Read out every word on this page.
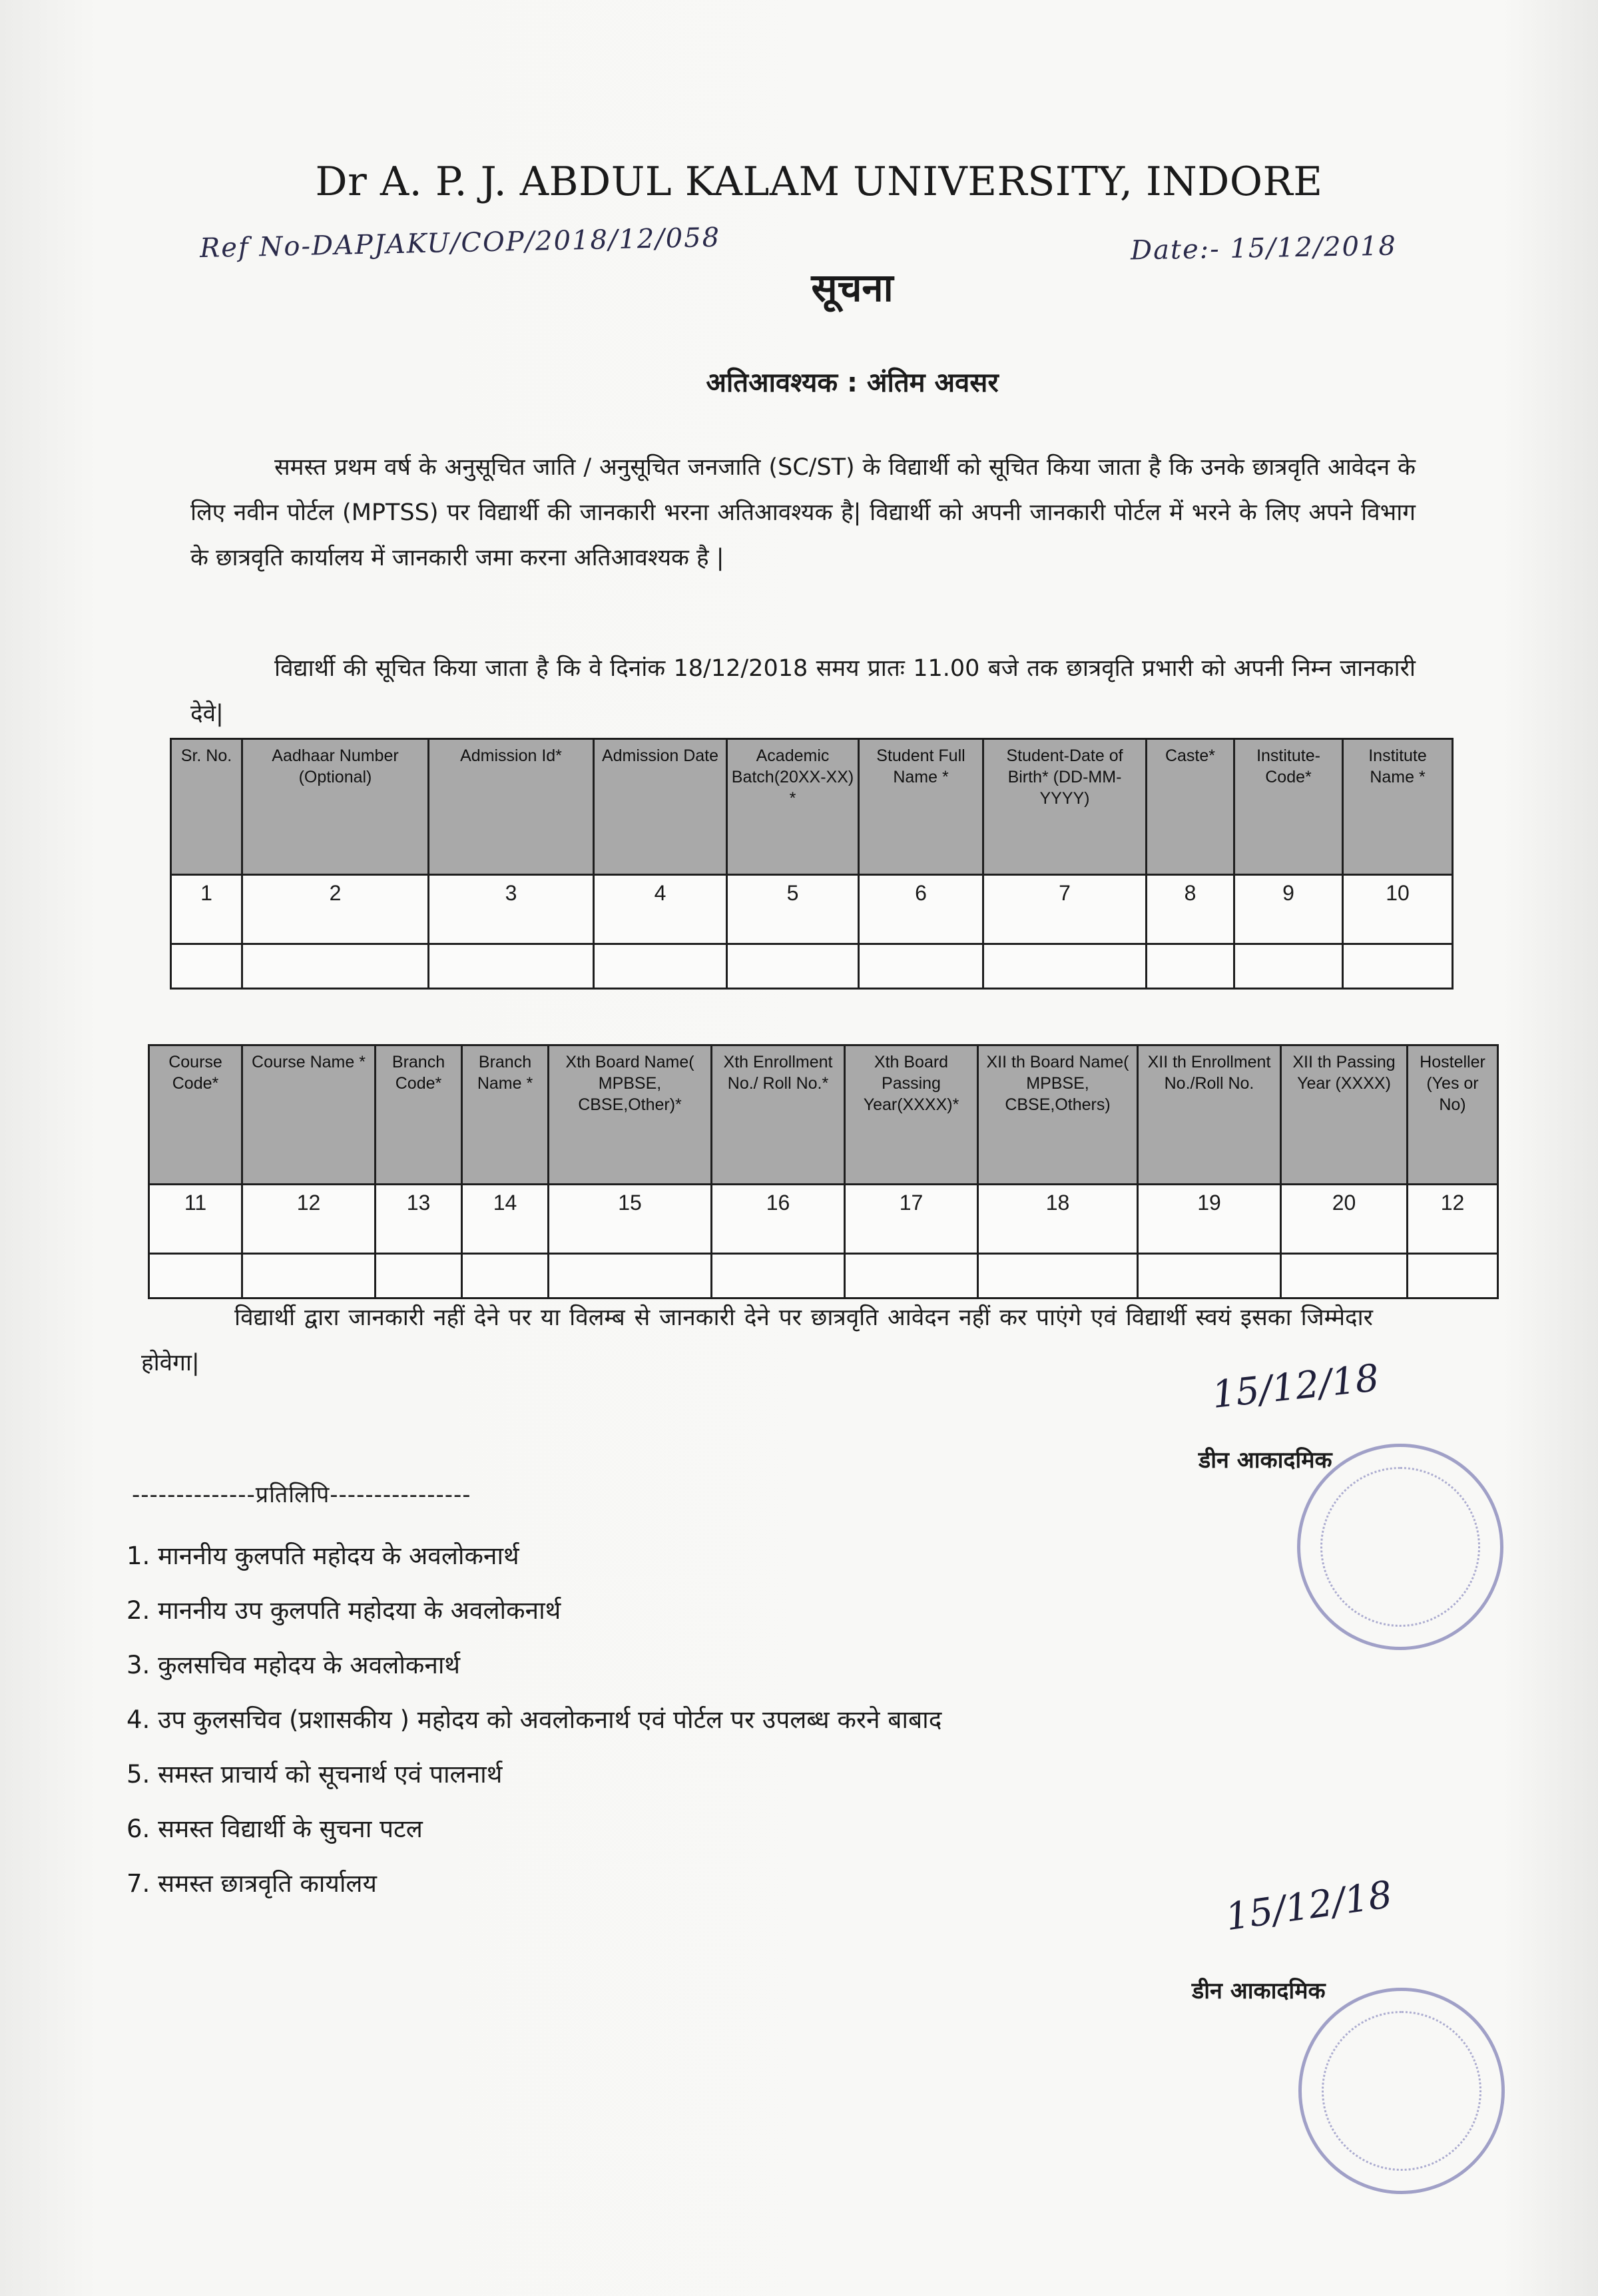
Dr A. P. J. ABDUL KALAM UNIVERSITY, INDORE
Ref No-DAPJAKU/COP/2018/12/058	Date:- 15/12/2018
सूचना
अतिआवश्यक : अंतिम अवसर
समस्त प्रथम वर्ष के अनुसूचित जाति / अनुसूचित जनजाति (SC/ST) के विद्यार्थी को सूचित किया जाता है कि उनके छात्रवृति आवेदन के लिए नवीन पोर्टल (MPTSS) पर विद्यार्थी की जानकारी भरना अतिआवश्यक है| विद्यार्थी को अपनी जानकारी पोर्टल में भरने के लिए अपने विभाग के छात्रवृति कार्यालय में जानकारी जमा करना अतिआवश्यक है |
विद्यार्थी की सूचित किया जाता है कि वे दिनांक 18/12/2018 समय प्रातः 11.00 बजे तक छात्रवृति प्रभारी को अपनी निम्न जानकारी देवे|
Sr. No.	Aadhaar Number (Optional)	Admission Id*	Admission Date	Academic Batch(20XX-XX) *	Student Full Name *	Student-Date of Birth* (DD-MM-YYYY)	Caste*	Institute-Code*	Institute Name *
1	2	3	4	5	6	7	8	9	10

Course Code*	Course Name *	Branch Code*	Branch Name *	Xth Board Name( MPBSE, CBSE,Other)*	Xth Enrollment No./ Roll No.*	Xth Board Passing Year(XXXX)*	XII th Board Name( MPBSE, CBSE,Others)	XII th Enrollment No./Roll No.	XII th Passing Year (XXXX)	Hosteller (Yes or No)
11	12	13	14	15	16	17	18	19	20	12

विद्यार्थी द्वारा जानकारी नहीं देने पर या विलम्ब से जानकारी देने पर छात्रवृति आवेदन नहीं कर पाएंगे एवं विद्यार्थी स्वयं इसका जिम्मेदार होवेगा|	15/12/18
डीन आकादमिक
--------------प्रतिलिपि----------------
1. माननीय कुलपति महोदय के अवलोकनार्थ
2. माननीय उप कुलपति महोदया के अवलोकनार्थ
3. कुलसचिव महोदय के अवलोकनार्थ
4. उप कुलसचिव (प्रशासकीय ) महोदय को अवलोकनार्थ एवं पोर्टल पर उपलब्ध करने बाबाद
5. समस्त प्राचार्य को सूचनार्थ एवं पालनार्थ
6. समस्त विद्यार्थी के सुचना पटल
7. समस्त छात्रवृति कार्यालय	15/12/18
डीन आकादमिक
